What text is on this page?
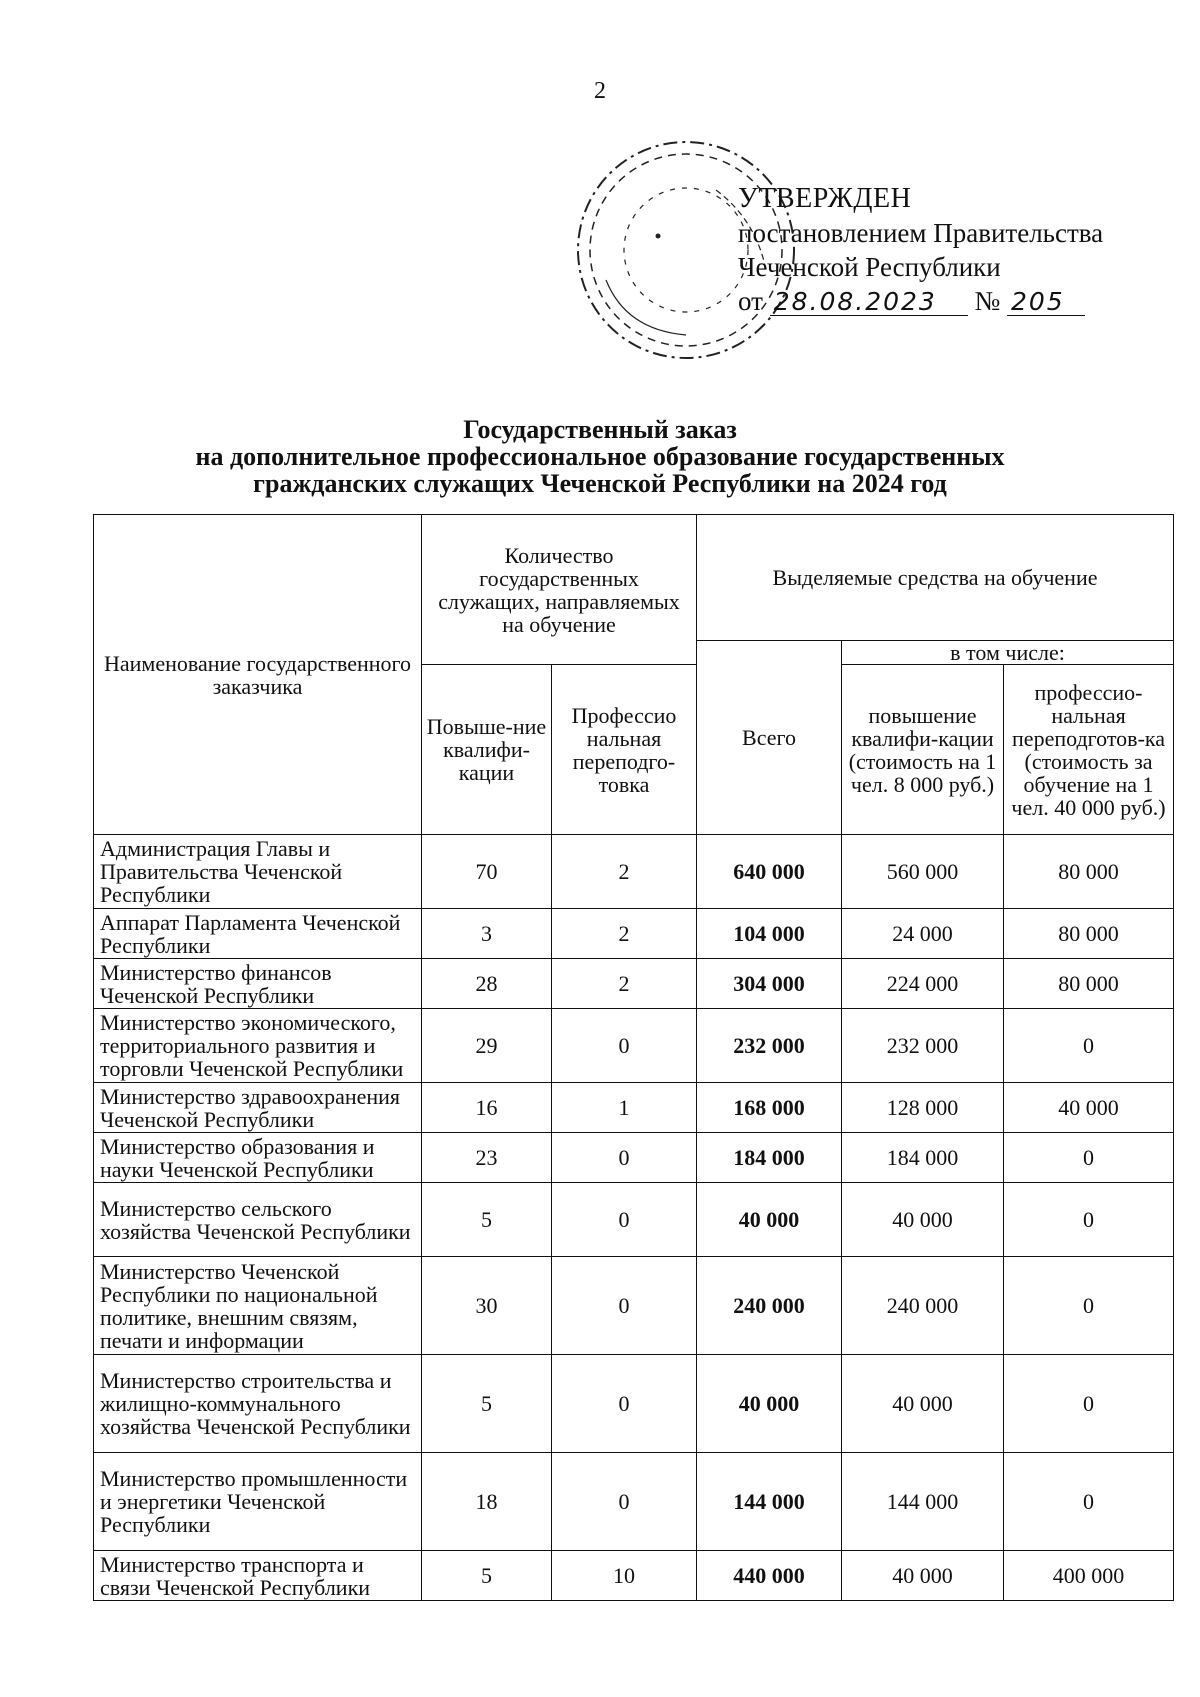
2
УТВЕРЖДЕН
постановлением Правительства
Чеченской Республики
от 28.08.2023 № 205
Государственный заказ
на дополнительное профессиональное образование государственных
гражданских служащих Чеченской Республики на 2024 год
Наименование государственного заказчика	Количество государственных служащих, направляемых на обучение		Выделяемые средства на обучение		
			Всего	в том числе:	
	Повыше-ние квалифи-кации	Профессио нальная переподго-товка		повышение квалифи-кации (стоимость на 1 чел. 8 000 руб.)	профессио-нальная переподготов-ка (стоимость за обучение на 1 чел. 40 000 руб.)
Администрация Главы и Правительства Чеченской Республики	70	2	640 000	560 000	80 000
Аппарат Парламента Чеченской Республики	3	2	104 000	24 000	80 000
Министерство финансов Чеченской Республики	28	2	304 000	224 000	80 000
Министерство экономического, территориального развития и торговли Чеченской Республики	29	0	232 000	232 000	0
Министерство здравоохранения Чеченской Республики	16	1	168 000	128 000	40 000
Министерство образования и науки Чеченской Республики	23	0	184 000	184 000	0
Министерство сельского хозяйства Чеченской Республики	5	0	40 000	40 000	0
Министерство Чеченской Республики по национальной политике, внешним связям, печати и информации	30	0	240 000	240 000	0
Министерство строительства и жилищно-коммунального хозяйства Чеченской Республики	5	0	40 000	40 000	0
Министерство промышленности и энергетики Чеченской Республики	18	0	144 000	144 000	0
Министерство транспорта и связи Чеченской Республики	5	10	440 000	40 000	400 000
